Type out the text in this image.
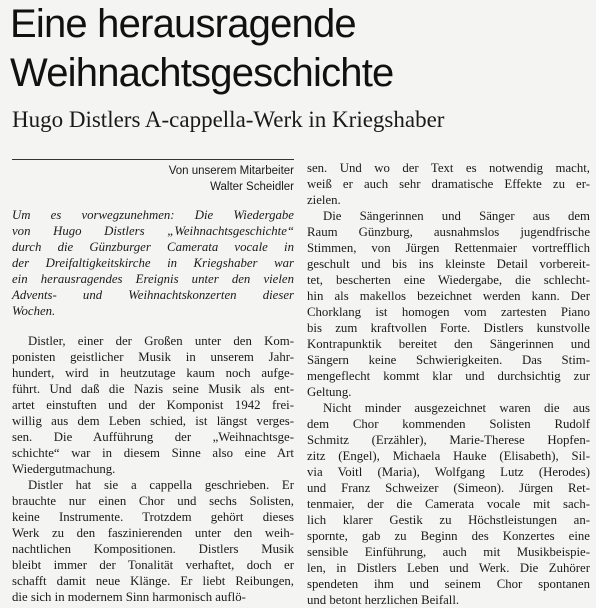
Eine herausragende
Weihnachtsgeschichte
Hugo Distlers A-cappella-Werk in Kriegshaber
Von unserem Mitarbeiter
Walter Scheidler
Um es vorwegzunehmen: Die Wiedergabe
von Hugo Distlers „Weihnachtsgeschichte“
durch die Günzburger Camerata vocale in
der Dreifaltigkeitskirche in Kriegshaber war
ein herausragendes Ereignis unter den vielen
Advents- und Weihnachtskonzerten dieser
Wochen.
Distler, einer der Großen unter den Kom-
ponisten geistlicher Musik in unserem Jahr-
hundert, wird in heutzutage kaum noch aufge-
führt. Und daß die Nazis seine Musik als ent-
artet einstuften und der Komponist 1942 frei-
willig aus dem Leben schied, ist längst verges-
sen. Die Aufführung der „Weihnachtsge-
schichte“ war in diesem Sinne also eine Art
Wiedergutmachung.
Distler hat sie a cappella geschrieben. Er
brauchte nur einen Chor und sechs Solisten,
keine Instrumente. Trotzdem gehört dieses
Werk zu den faszinierenden unter den weih-
nachtlichen Kompositionen. Distlers Musik
bleibt immer der Tonalität verhaftet, doch er
schafft damit neue Klänge. Er liebt Reibungen,
die sich in modernem Sinn harmonisch auflö-
sen. Und wo der Text es notwendig macht,
weiß er auch sehr dramatische Effekte zu er-
zielen.
Die Sängerinnen und Sänger aus dem
Raum Günzburg, ausnahmslos jugendfrische
Stimmen, von Jürgen Rettenmaier vortrefflich
geschult und bis ins kleinste Detail vorbereit-
tet, bescherten eine Wiedergabe, die schlecht-
hin als makellos bezeichnet werden kann. Der
Chorklang ist homogen vom zartesten Piano
bis zum kraftvollen Forte. Distlers kunstvolle
Kontrapunktik bereitet den Sängerinnen und
Sängern keine Schwierigkeiten. Das Stim-
mengeflecht kommt klar und durchsichtig zur
Geltung.
Nicht minder ausgezeichnet waren die aus
dem Chor kommenden Solisten Rudolf
Schmitz (Erzähler), Marie-Therese Hopfen-
zitz (Engel), Michaela Hauke (Elisabeth), Sil-
via Voitl (Maria), Wolfgang Lutz (Herodes)
und Franz Schweizer (Simeon). Jürgen Ret-
tenmaier, der die Camerata vocale mit sach-
lich klarer Gestik zu Höchstleistungen an-
spornte, gab zu Beginn des Konzertes eine
sensible Einführung, auch mit Musikbeispie-
len, in Distlers Leben und Werk. Die Zuhörer
spendeten ihm und seinem Chor spontanen
und betont herzlichen Beifall.
